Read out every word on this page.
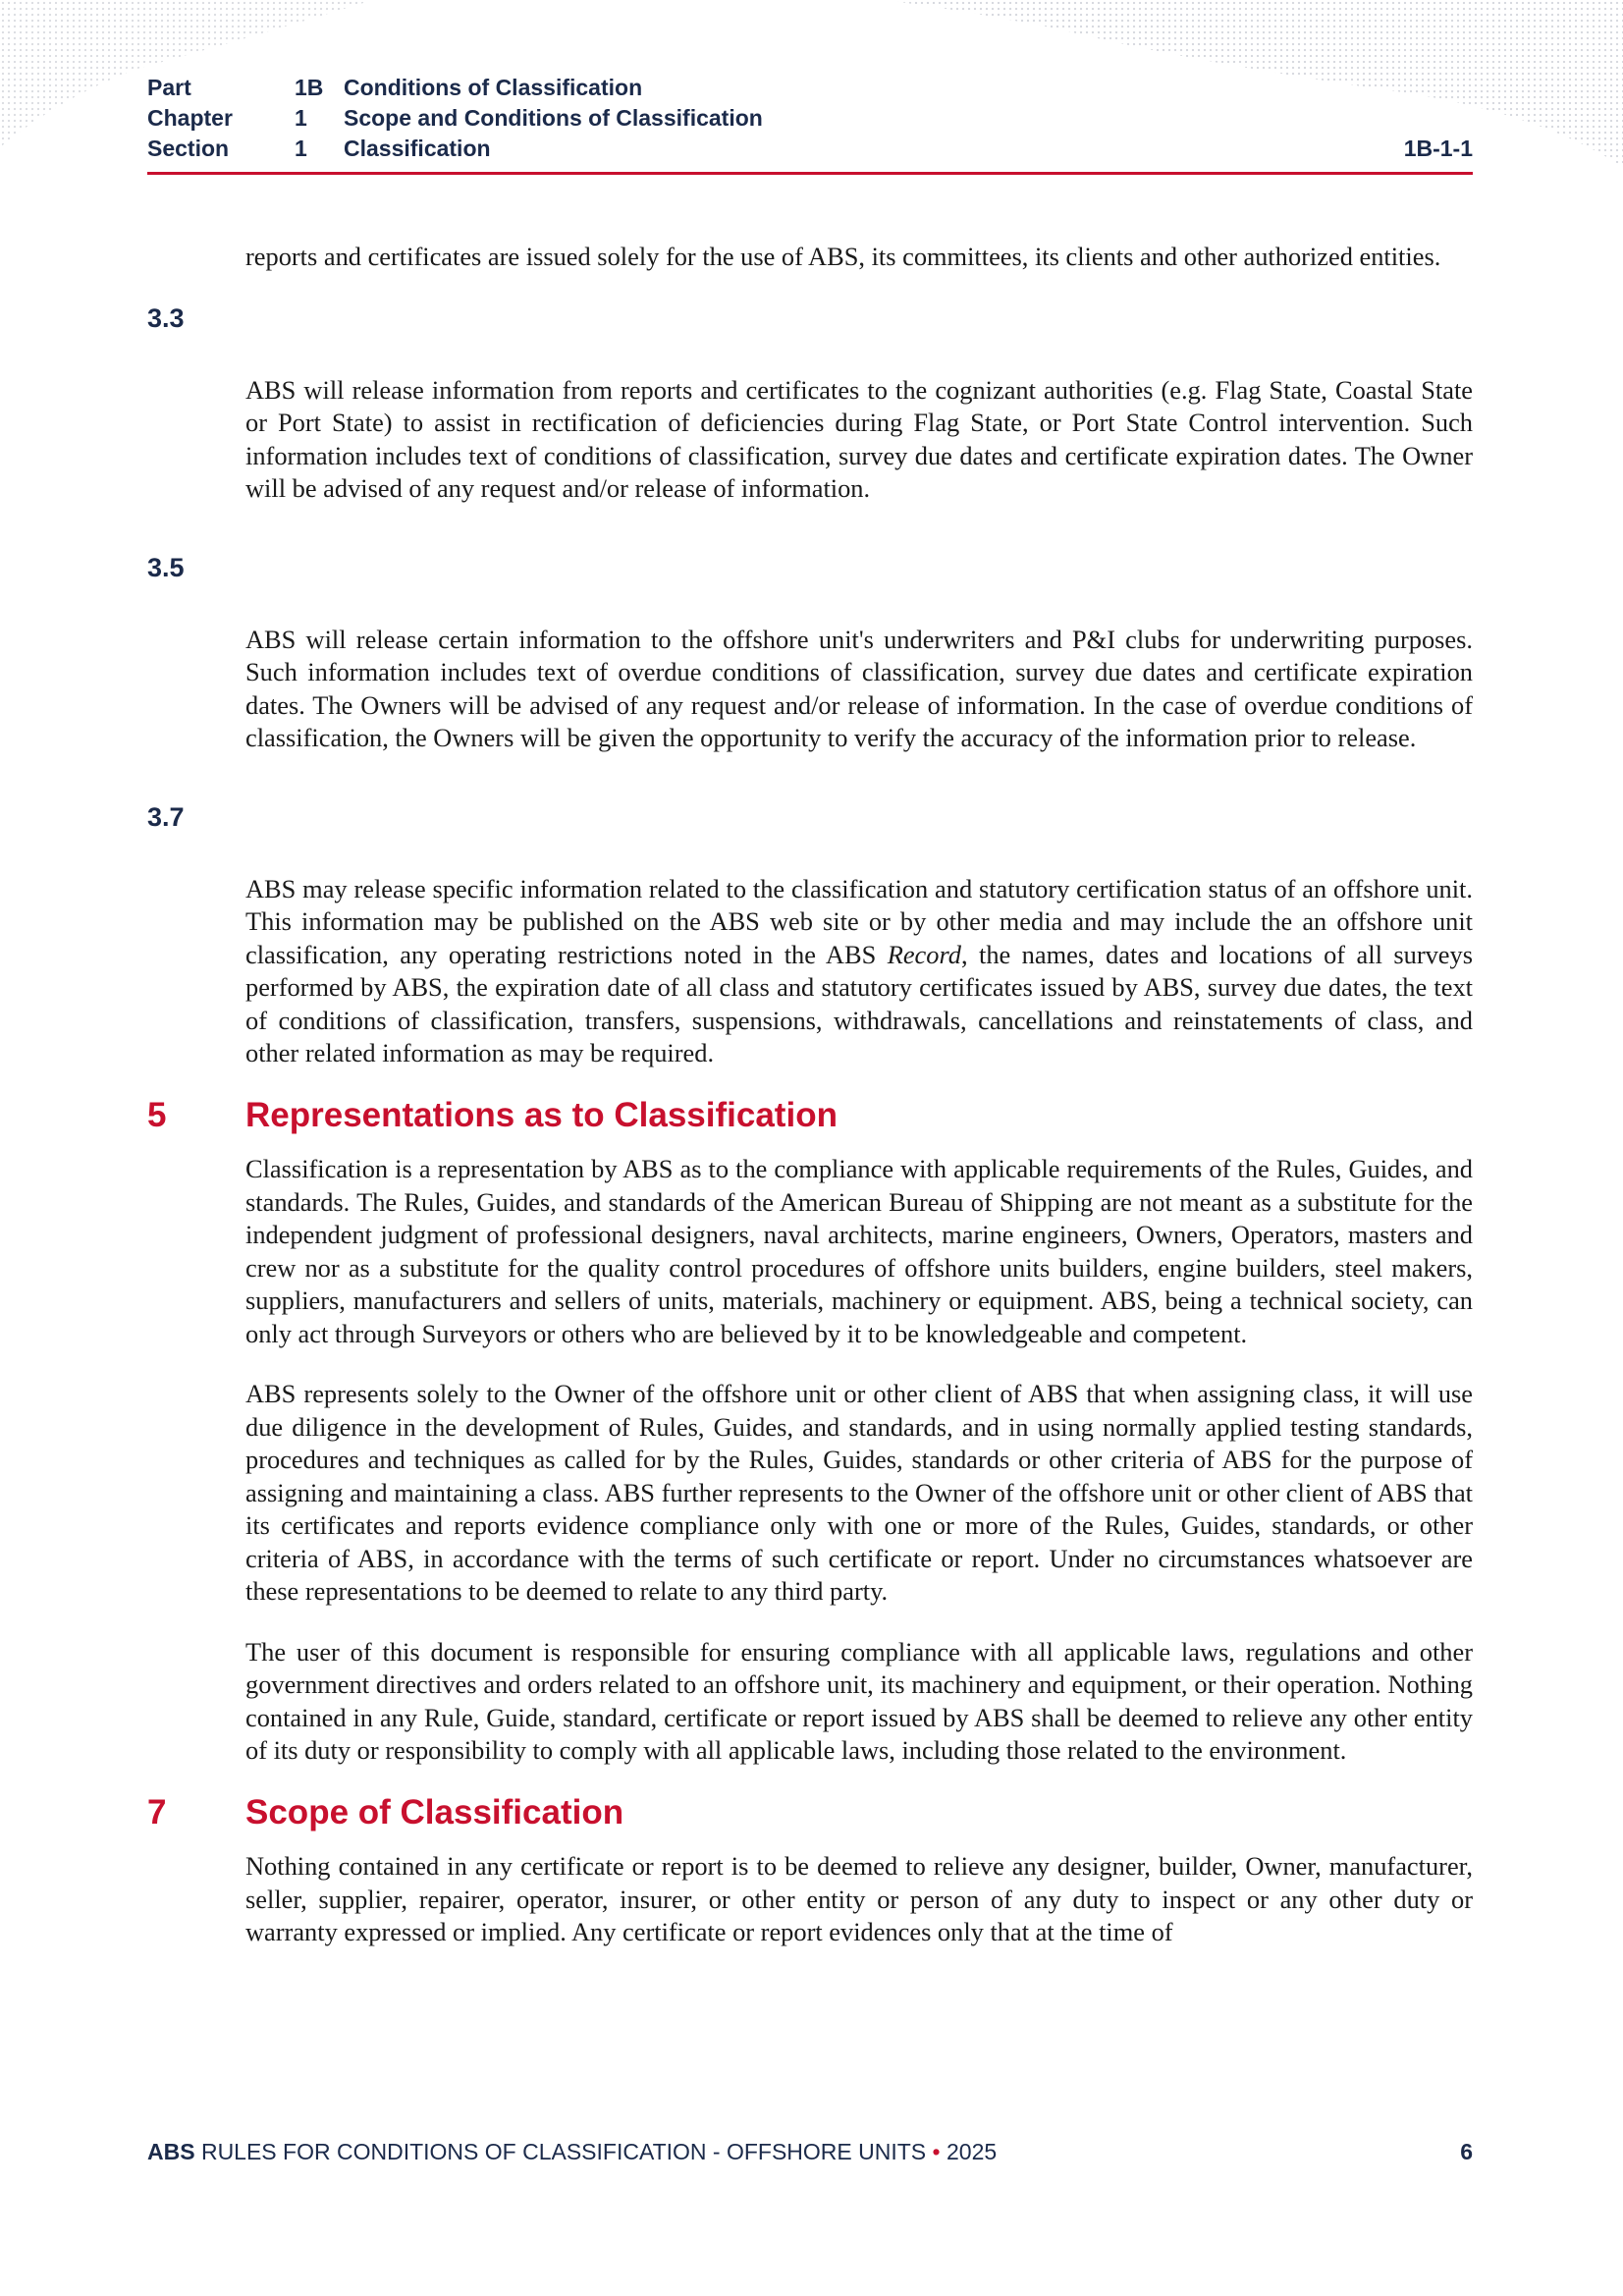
Part	1B Conditions of Classification
Chapter	1 Scope and Conditions of Classification
Section	1 Classification	1B-1-1

reports and certificates are issued solely for the use of ABS, its committees, its clients and other authorized entities.

3.3

ABS will release information from reports and certificates to the cognizant authorities (e.g. Flag State, Coastal State or Port State) to assist in rectification of deficiencies during Flag State, or Port State Control intervention. Such information includes text of conditions of classification, survey due dates and certificate expiration dates. The Owner will be advised of any request and/or release of information.

3.5

ABS will release certain information to the offshore unit's underwriters and P&I clubs for underwriting purposes. Such information includes text of overdue conditions of classification, survey due dates and certificate expiration dates. The Owners will be advised of any request and/or release of information. In the case of overdue conditions of classification, the Owners will be given the opportunity to verify the accuracy of the information prior to release.

3.7

ABS may release specific information related to the classification and statutory certification status of an offshore unit. This information may be published on the ABS web site or by other media and may include the an offshore unit classification, any operating restrictions noted in the ABS Record, the names, dates and locations of all surveys performed by ABS, the expiration date of all class and statutory certificates issued by ABS, survey due dates, the text of conditions of classification, transfers, suspensions, withdrawals, cancellations and reinstatements of class, and other related information as may be required.

5 Representations as to Classification

Classification is a representation by ABS as to the compliance with applicable requirements of the Rules, Guides, and standards. The Rules, Guides, and standards of the American Bureau of Shipping are not meant as a substitute for the independent judgment of professional designers, naval architects, marine engineers, Owners, Operators, masters and crew nor as a substitute for the quality control procedures of offshore units builders, engine builders, steel makers, suppliers, manufacturers and sellers of units, materials, machinery or equipment. ABS, being a technical society, can only act through Surveyors or others who are believed by it to be knowledgeable and competent.

ABS represents solely to the Owner of the offshore unit or other client of ABS that when assigning class, it will use due diligence in the development of Rules, Guides, and standards, and in using normally applied testing standards, procedures and techniques as called for by the Rules, Guides, standards or other criteria of ABS for the purpose of assigning and maintaining a class. ABS further represents to the Owner of the offshore unit or other client of ABS that its certificates and reports evidence compliance only with one or more of the Rules, Guides, standards, or other criteria of ABS, in accordance with the terms of such certificate or report. Under no circumstances whatsoever are these representations to be deemed to relate to any third party.

The user of this document is responsible for ensuring compliance with all applicable laws, regulations and other government directives and orders related to an offshore unit, its machinery and equipment, or their operation. Nothing contained in any Rule, Guide, standard, certificate or report issued by ABS shall be deemed to relieve any other entity of its duty or responsibility to comply with all applicable laws, including those related to the environment.

7 Scope of Classification

Nothing contained in any certificate or report is to be deemed to relieve any designer, builder, Owner, manufacturer, seller, supplier, repairer, operator, insurer, or other entity or person of any duty to inspect or any other duty or warranty expressed or implied. Any certificate or report evidences only that at the time of

ABS RULES FOR CONDITIONS OF CLASSIFICATION - OFFSHORE UNITS • 2025	6
